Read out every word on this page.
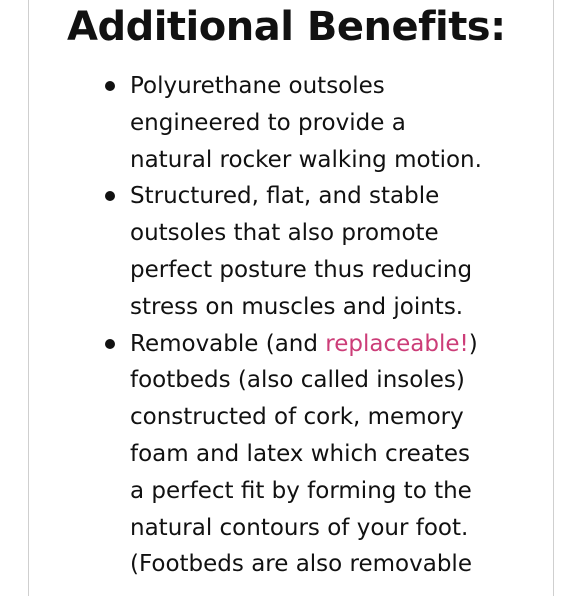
Additional Benefits:
Polyurethane outsoles
engineered to provide a
natural rocker walking motion.
Structured, flat, and stable
outsoles that also promote
perfect posture thus reducing
stress on muscles and joints.
Removable (and replaceable!)
footbeds (also called insoles)
constructed of cork, memory
foam and latex which creates
a perfect fit by forming to the
natural contours of your foot.
(Footbeds are also removable
